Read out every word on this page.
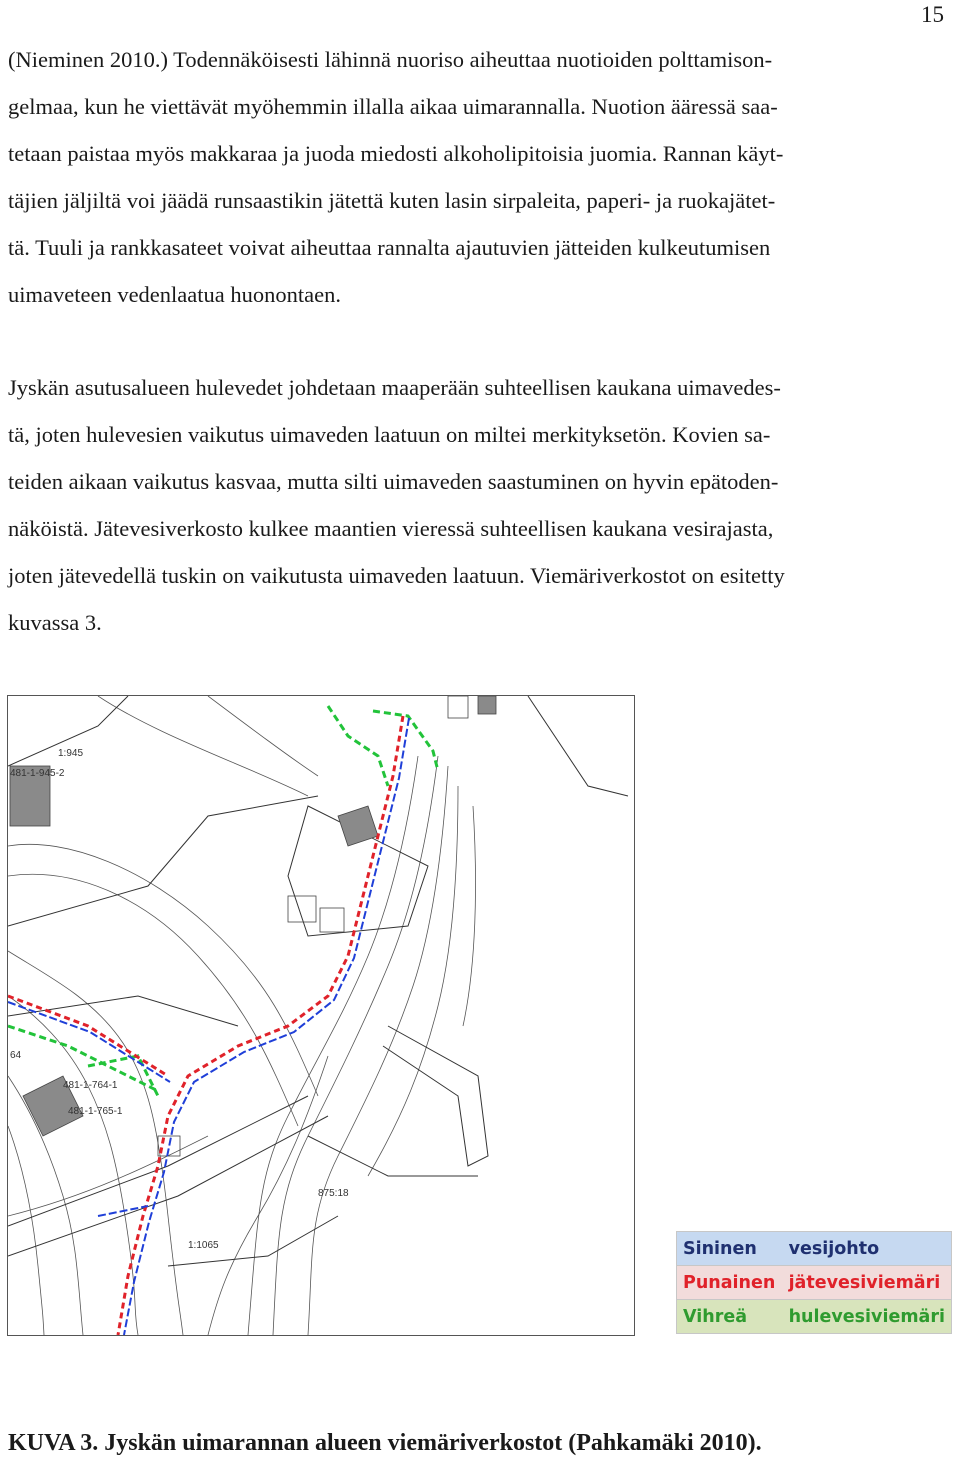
15
(Nieminen 2010.) Todennäköisesti lähinnä nuoriso aiheuttaa nuotioiden polttamison-
gelmaa, kun he viettävät myöhemmin illalla aikaa uimarannalla. Nuotion ääressä saa-
tetaan paistaa myös makkaraa ja juoda miedosti alkoholipitoisia juomia. Rannan käyt-
täjien jäljiltä voi jäädä runsaastikin jätettä kuten lasin sirpaleita, paperi- ja ruokajätet-
tä. Tuuli ja rankkasateet voivat aiheuttaa rannalta ajautuvien jätteiden kulkeutumisen
uimaveteen vedenlaatua huonontaen.
Jyskän asutusalueen hulevedet johdetaan maaperään suhteellisen kaukana uimavedes-
tä, joten hulevesien vaikutus uimaveden laatuun on miltei merkityksetön. Kovien sa-
teiden aikaan vaikutus kasvaa, mutta silti uimaveden saastuminen on hyvin epätoden-
näköistä. Jätevesiverkosto kulkee maantien vieressä suhteellisen kaukana vesirajasta,
joten jätevedellä tuskin on vaikutusta uimaveden laatuun. Viemäriverkostot on esitetty
kuvassa 3.
1:945
481-1-945-2
64
481-1-764-1
481-1-765-1
875:18
1:1065	Sininen	vesijohto
Punainen	jätevesiviemäri
Vihreä	hulevesiviemäri
KUVA 3. Jyskän uimarannan alueen viemäriverkostot (Pahkamäki 2010).
